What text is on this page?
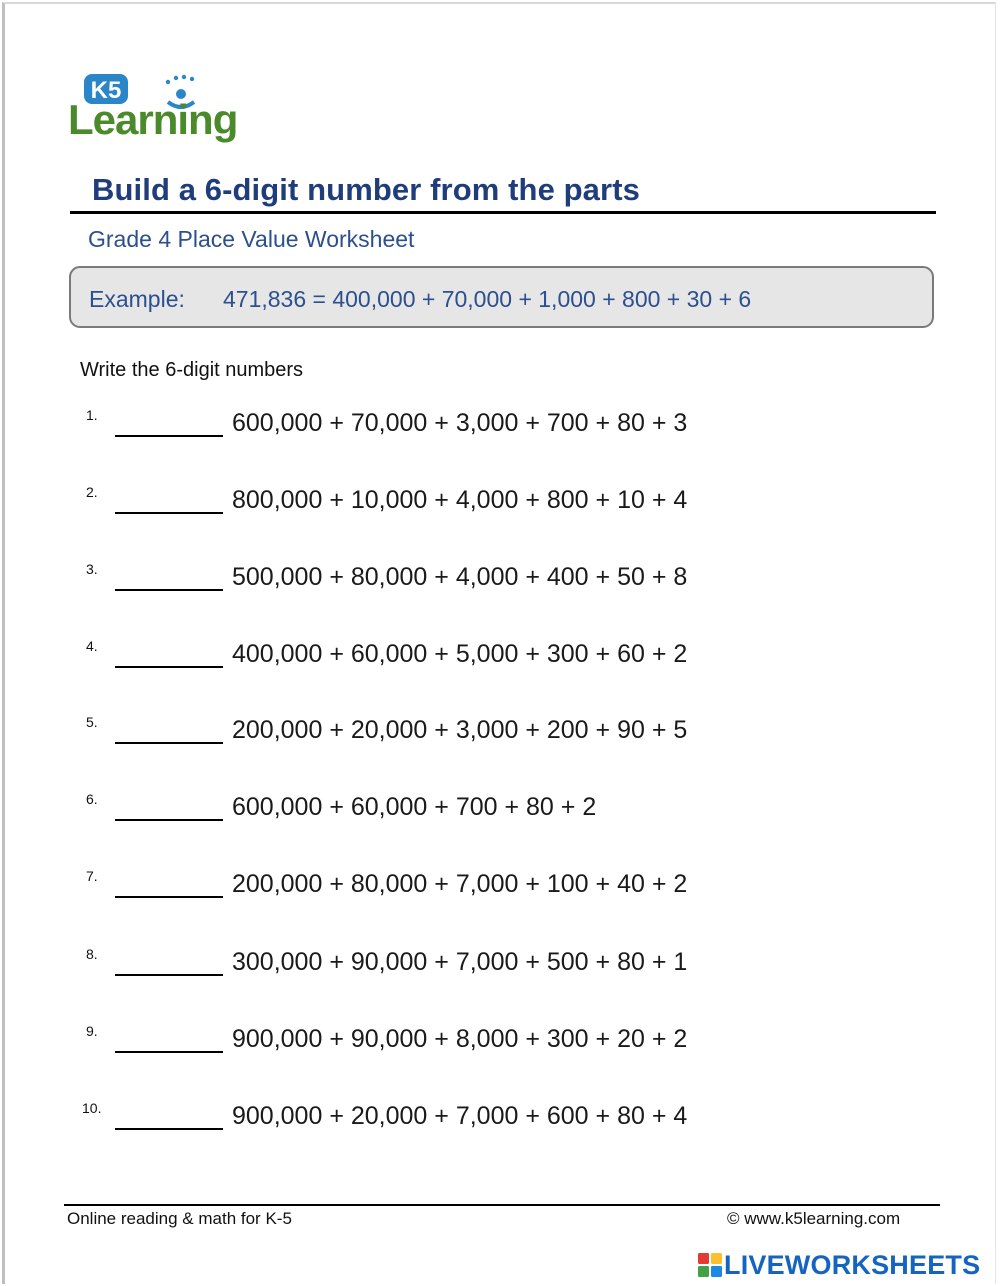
K5
Learning
Build a 6-digit number from the parts
Grade 4 Place Value Worksheet
Example: 471,836 = 400,000 + 70,000 + 1,000 + 800 + 30 + 6
Write the 6-digit numbers
1.	600,000 + 70,000 + 3,000 + 700 + 80 + 3
2.	800,000 + 10,000 + 4,000 + 800 + 10 + 4
3.	500,000 + 80,000 + 4,000 + 400 + 50 + 8
4.	400,000 + 60,000 + 5,000 + 300 + 60 + 2
5.	200,000 + 20,000 + 3,000 + 200 + 90 + 5
6.	600,000 + 60,000 + 700 + 80 + 2
7.	200,000 + 80,000 + 7,000 + 100 + 40 + 2
8.	300,000 + 90,000 + 7,000 + 500 + 80 + 1
9.	900,000 + 90,000 + 8,000 + 300 + 20 + 2
10.	900,000 + 20,000 + 7,000 + 600 + 80 + 4
Online reading & math for K-5	© www.k5learning.com
LIVEWORKSHEETS
